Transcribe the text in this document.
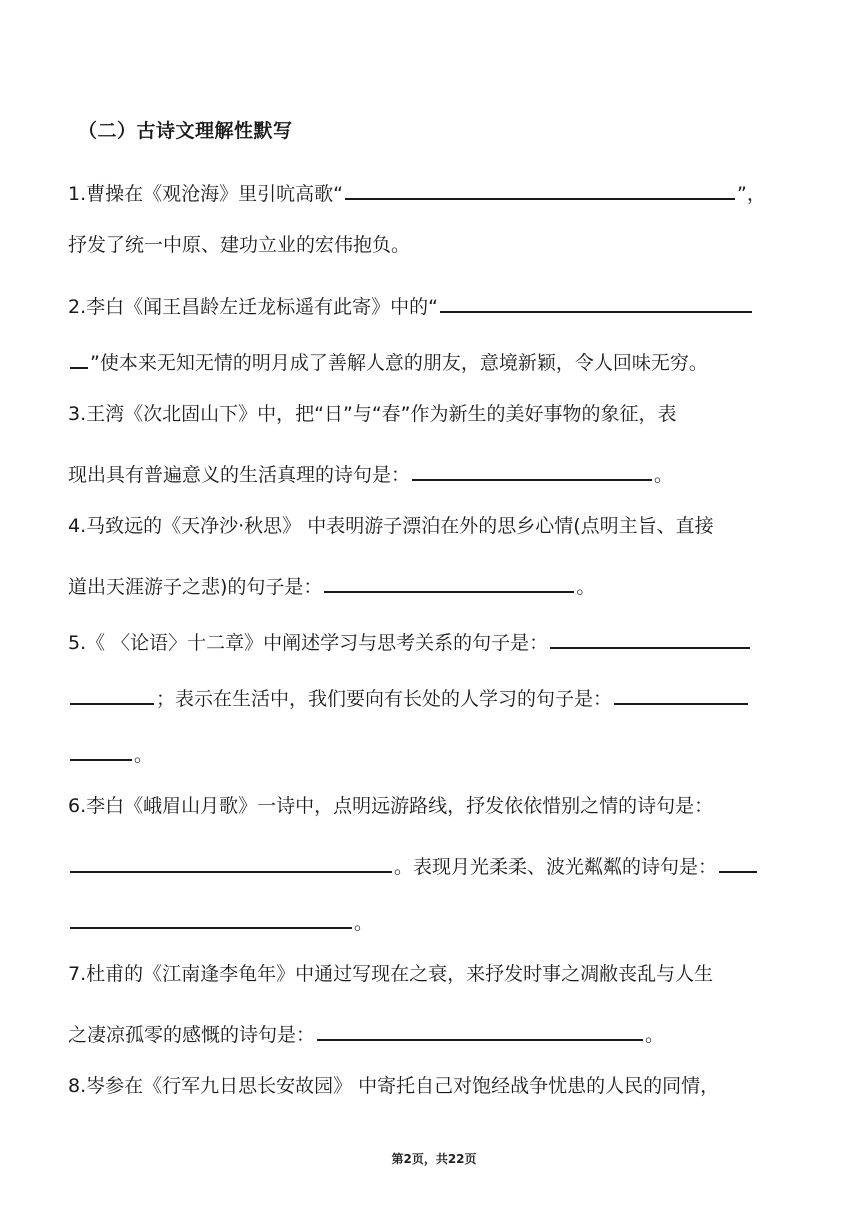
（二）古诗文理解性默写
1.曹操在《观沧海》里引吭高歌“	”，
抒发了统一中原、建功立业的宏伟抱负。
2.李白《闻王昌龄左迁龙标遥有此寄》中的“
”使本来无知无情的明月成了善解人意的朋友，意境新颖，令人回味无穷。
3.王湾《次北固山下》中，把“日”与“春”作为新生的美好事物的象征，表
现出具有普遍意义的生活真理的诗句是：	。
4.马致远的《天净沙·秋思》 中表明游子漂泊在外的思乡心情(点明主旨、直接
道出天涯游子之悲)的句子是：	。
5.《 〈论语〉十二章》中阐述学习与思考关系的句子是：
；表示在生活中，我们要向有长处的人学习的句子是：
。
6.李白《峨眉山月歌》一诗中，点明远游路线，抒发依依惜别之情的诗句是：
。表现月光柔柔、波光粼粼的诗句是：
。
7.杜甫的《江南逢李龟年》中通过写现在之衰，来抒发时事之凋敝丧乱与人生
之凄凉孤零的感慨的诗句是：	。
8.岑参在《行军九日思长安故园》 中寄托自己对饱经战争忧患的人民的同情，
第2页，共22页
